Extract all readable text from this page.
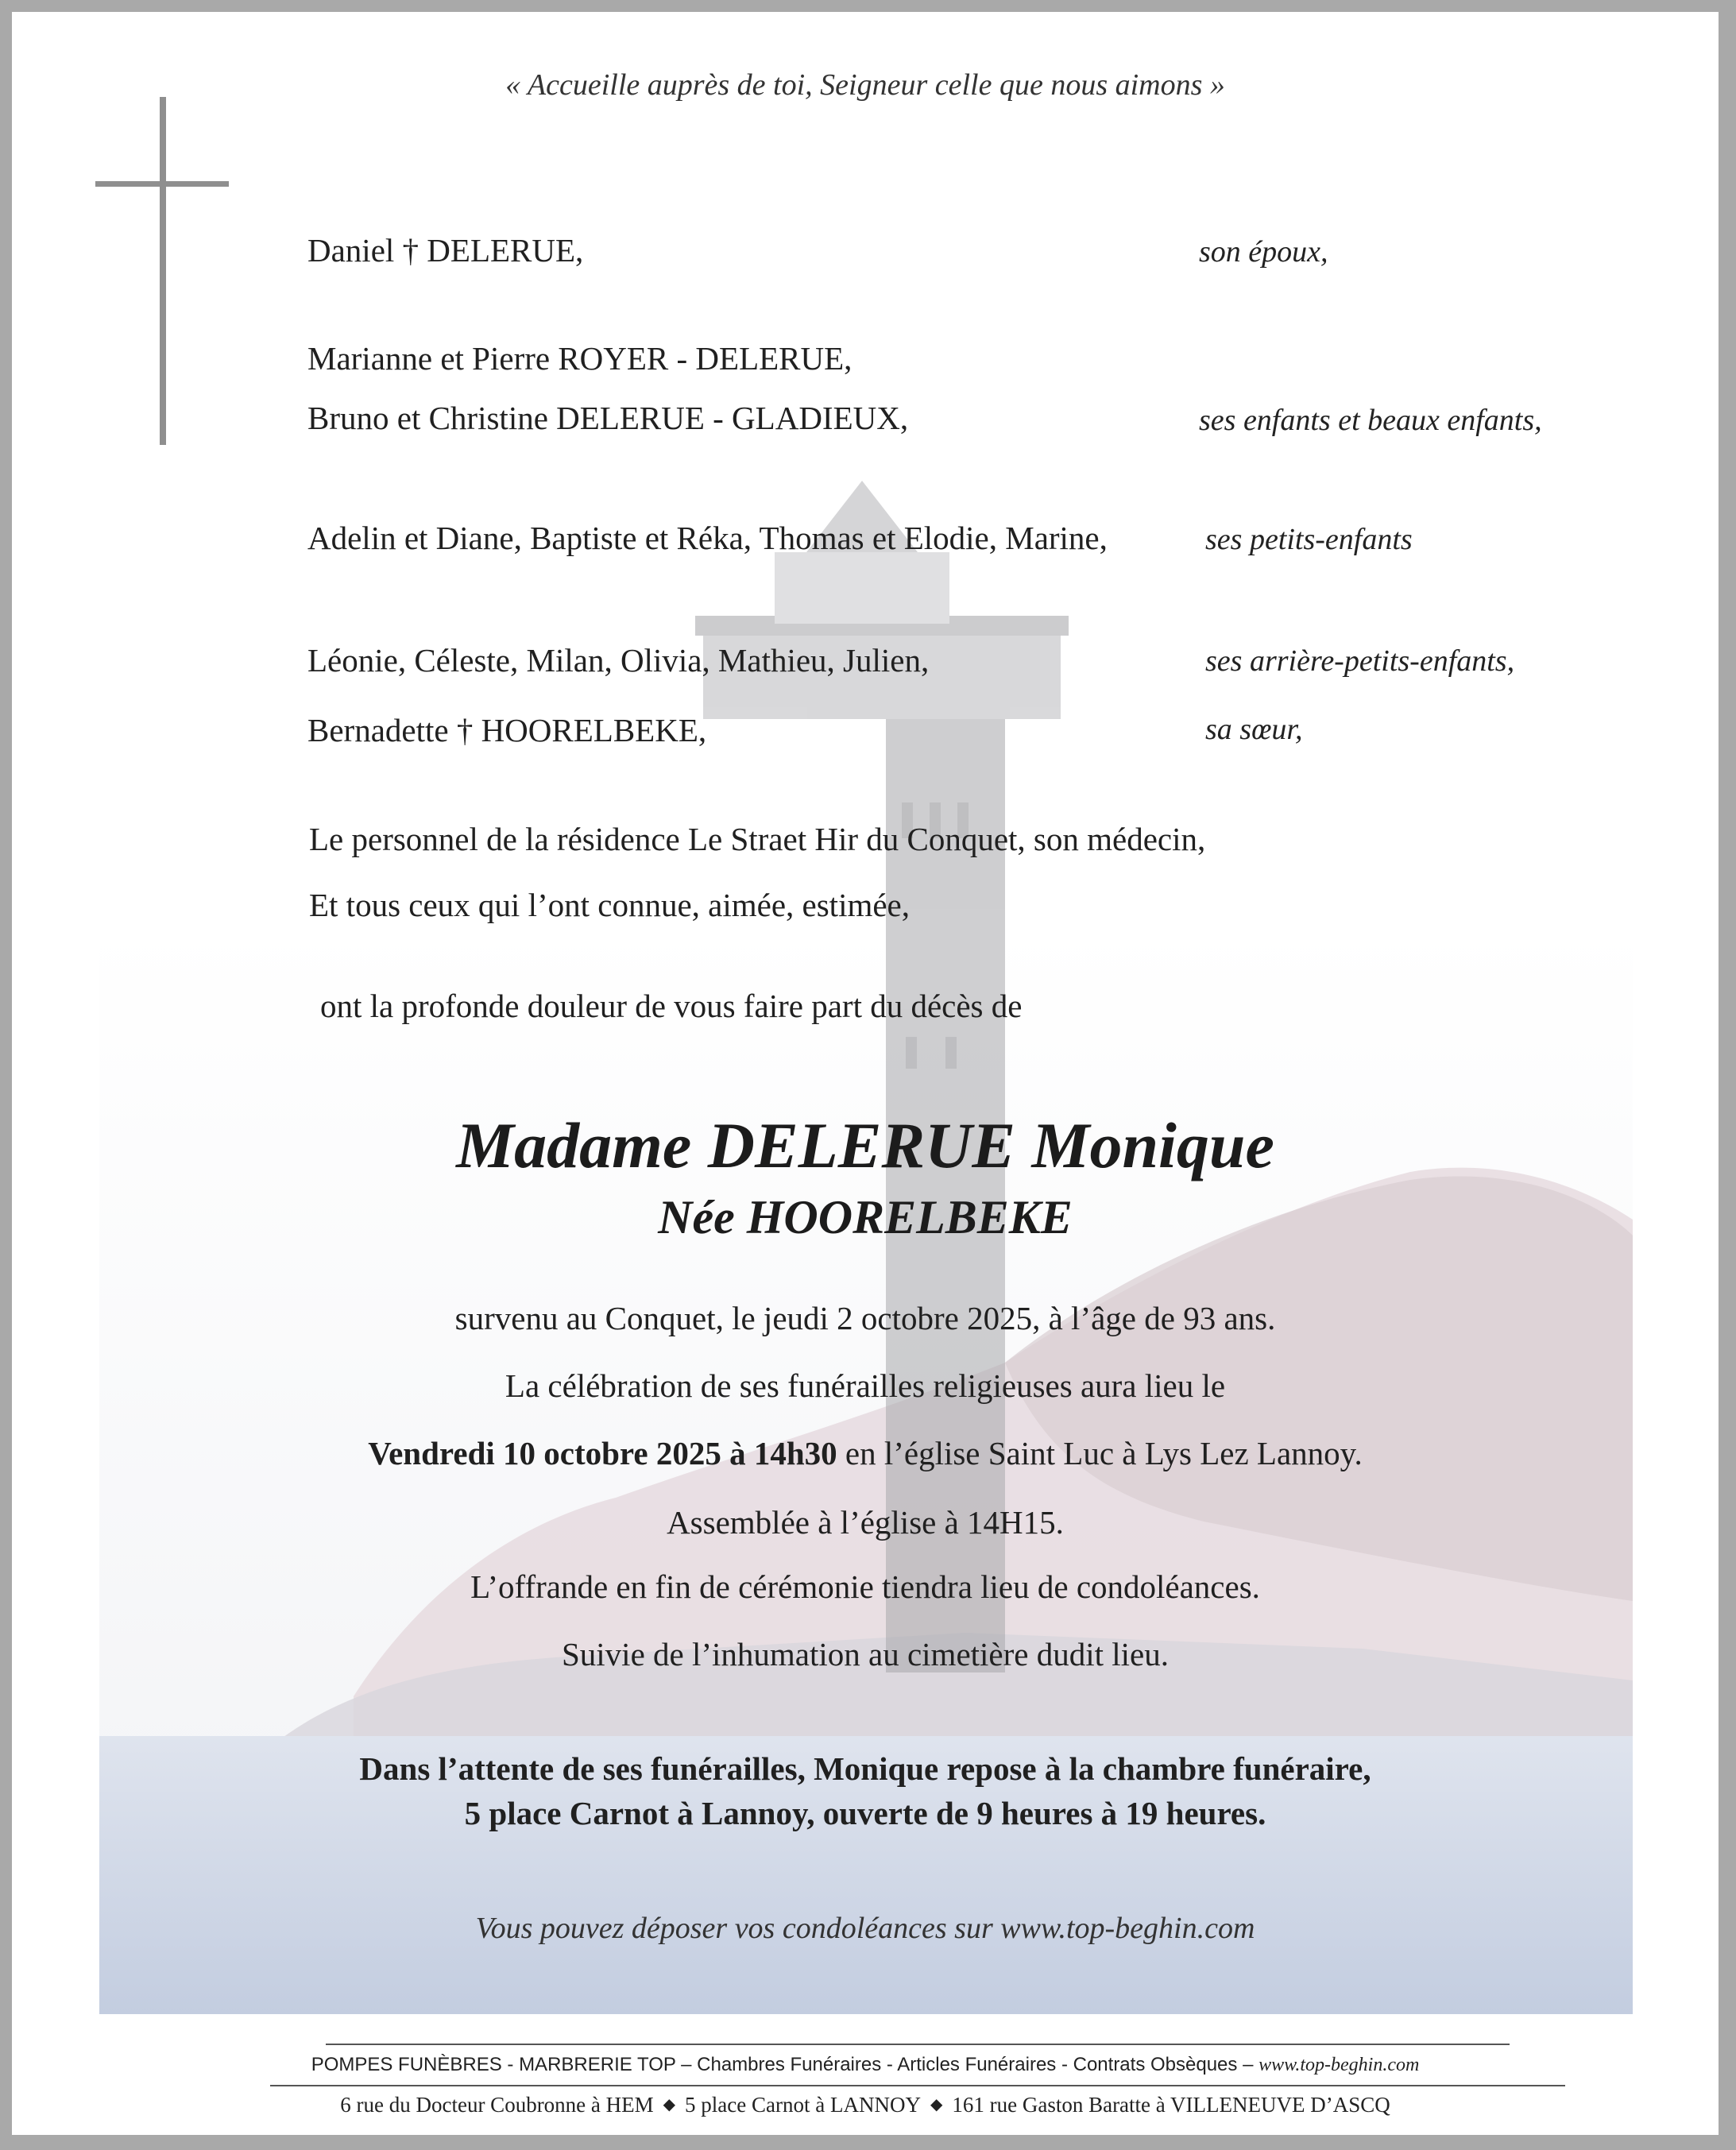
« Accueille auprès de toi, Seigneur celle que nous aimons »
Daniel † DELERUE,	son époux,
Marianne et Pierre ROYER - DELERUE,
Bruno et Christine DELERUE - GLADIEUX,	ses enfants et beaux enfants,
Adelin et Diane, Baptiste et Réka, Thomas et Elodie, Marine,	ses petits-enfants
Léonie, Céleste, Milan, Olivia, Mathieu, Julien,	ses arrière-petits-enfants,
Bernadette † HOORELBEKE,	sa sœur,
Le personnel de la résidence Le Straet Hir du Conquet, son médecin,
Et tous ceux qui l’ont connue, aimée, estimée,
ont la profonde douleur de vous faire part du décès de
Madame DELERUE Monique
Née HOORELBEKE
survenu au Conquet, le jeudi 2 octobre 2025, à l’âge de 93 ans.
La célébration de ses funérailles religieuses aura lieu le
Vendredi 10 octobre 2025 à 14h30 en l’église Saint Luc à Lys Lez Lannoy.
Assemblée à l’église à 14H15.
L’offrande en fin de cérémonie tiendra lieu de condoléances.
Suivie de l’inhumation au cimetière dudit lieu.
Dans l’attente de ses funérailles, Monique repose à la chambre funéraire,
5 place Carnot à Lannoy, ouverte de 9 heures à 19 heures.
Vous pouvez déposer vos condoléances sur www.top-beghin.com
POMPES FUNÈBRES - MARBRERIE TOP – Chambres Funéraires - Articles Funéraires - Contrats Obsèques – www.top-beghin.com
6 rue du Docteur Coubronne à HEM ◆ 5 place Carnot à LANNOY ◆ 161 rue Gaston Baratte à VILLENEUVE D’ASCQ
